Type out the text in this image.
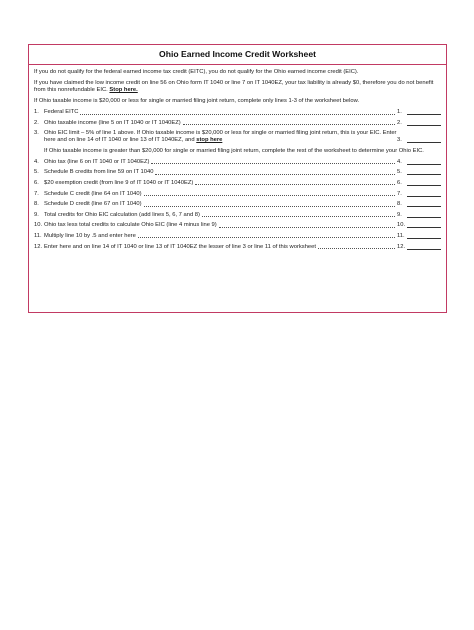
Ohio Earned Income Credit Worksheet

If you do not qualify for the federal earned income tax credit (EITC), you do not qualify for the Ohio earned income credit (EIC).

If you have claimed the low income credit on line 56 on Ohio form IT 1040 or line 7 on IT 1040EZ, your tax liability is already $0, therefore you do not benefit from this nonrefundable EIC. Stop here.

If Ohio taxable income is $20,000 or less for single or married filing joint return, complete only lines 1-3 of the worksheet below.

1. Federal EITC	1.
2. Ohio taxable income (line 5 on IT 1040 or IT 1040EZ)	2.
3. Ohio EIC limit – 5% of line 1 above. If Ohio taxable income is $20,000 or less for single or married filing joint return, this is your EIC. Enter here and on line 14 of IT 1040 or line 13 of IT 1040EZ, and stop here	3.

If Ohio taxable income is greater than $20,000 for single or married filing joint return, complete the rest of the worksheet to determine your Ohio EIC.

4. Ohio tax (line 6 on IT 1040 or IT 1040EZ)	4.
5. Schedule B credits from line 59 on IT 1040	5.
6. $20 exemption credit (from line 9 of IT 1040 or IT 1040EZ)	6.
7. Schedule C credit (line 64 on IT 1040)	7.
8. Schedule D credit (line 67 on IT 1040)	8.
9. Total credits for Ohio EIC calculation (add lines 5, 6, 7 and 8)	9.
10. Ohio tax less total credits to calculate Ohio EIC (line 4 minus line 9)	10.
11. Multiply line 10 by .5 and enter here	11.
12. Enter here and on line 14 of IT 1040 or line 13 of IT 1040EZ the lesser of line 3 or line 11 of this worksheet	12.
